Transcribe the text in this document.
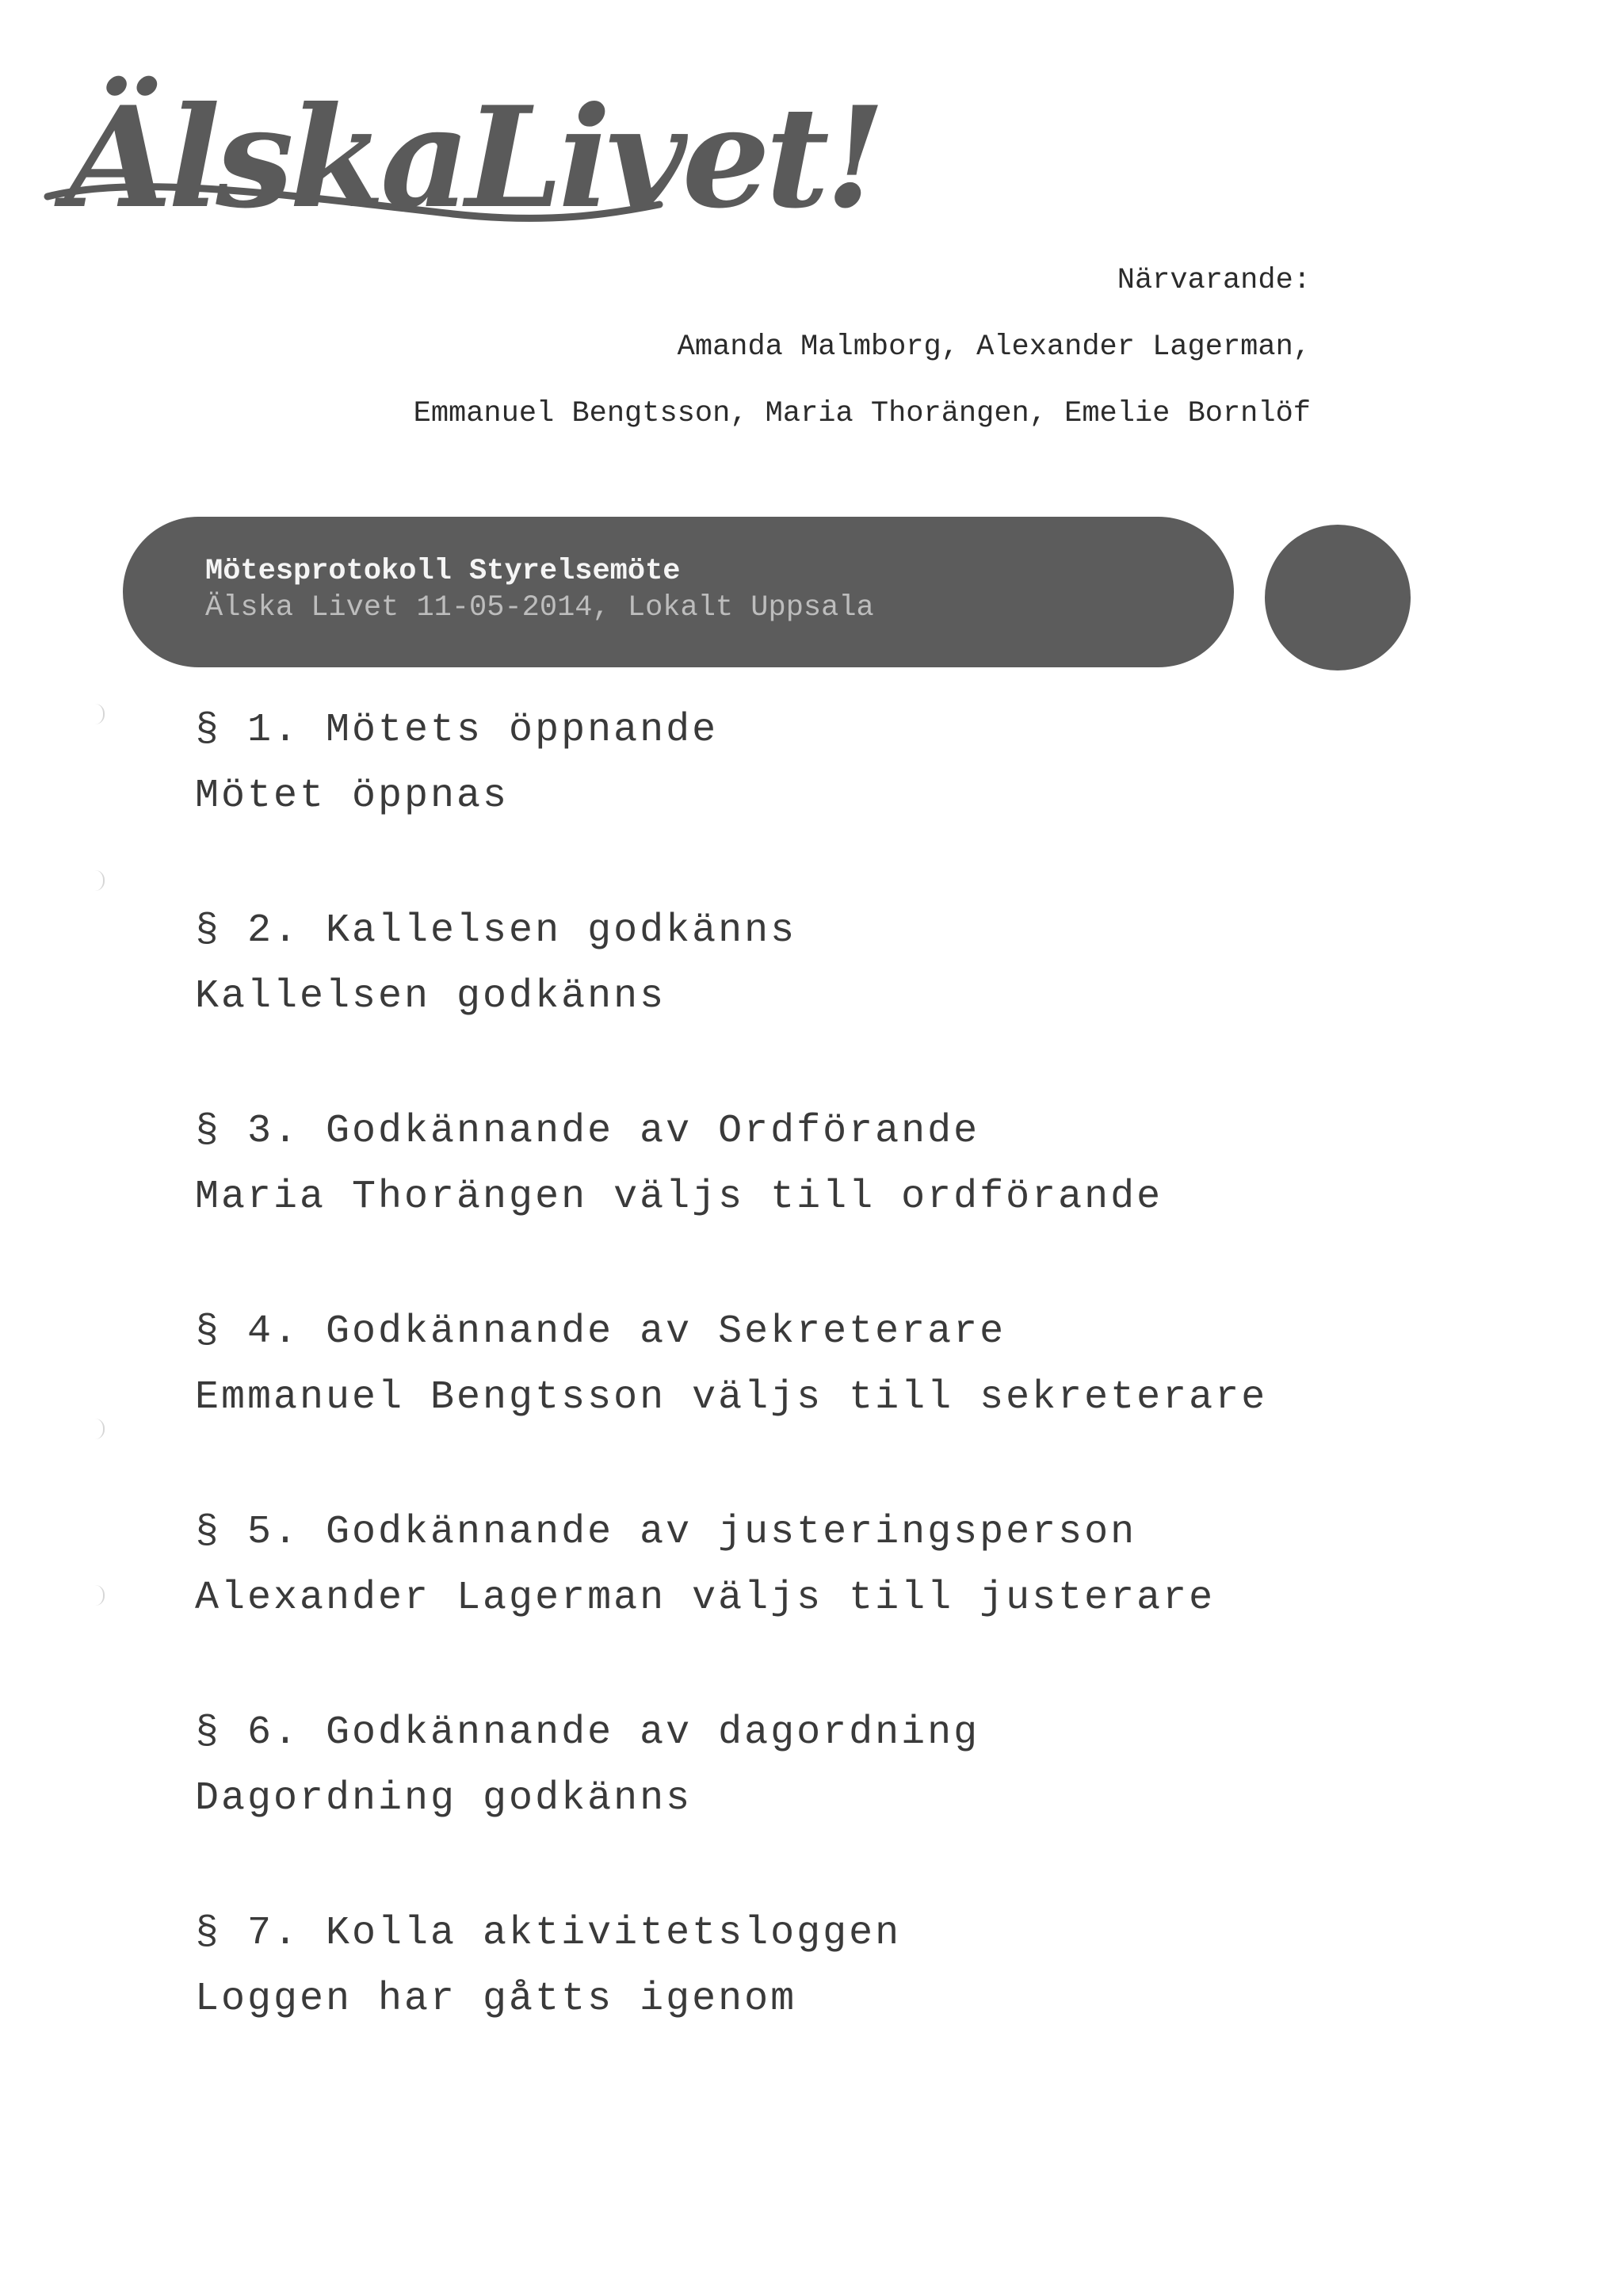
ÄlskaLivet!
Närvarande:
Amanda Malmborg, Alexander Lagerman,
Emmanuel Bengtsson, Maria Thorängen, Emelie Bornlöf
Mötesprotokoll Styrelsemöte
Älska Livet 11-05-2014, Lokalt Uppsala
§ 1. Mötets öppnande
Mötet öppnas
§ 2. Kallelsen godkänns
Kallelsen godkänns
§ 3. Godkännande av Ordförande
Maria Thorängen väljs till ordförande
§ 4. Godkännande av Sekreterare
Emmanuel Bengtsson väljs till sekreterare
§ 5. Godkännande av justeringsperson
Alexander Lagerman väljs till justerare
§ 6. Godkännande av dagordning
Dagordning godkänns
§ 7. Kolla aktivitetsloggen
Loggen har gåtts igenom
